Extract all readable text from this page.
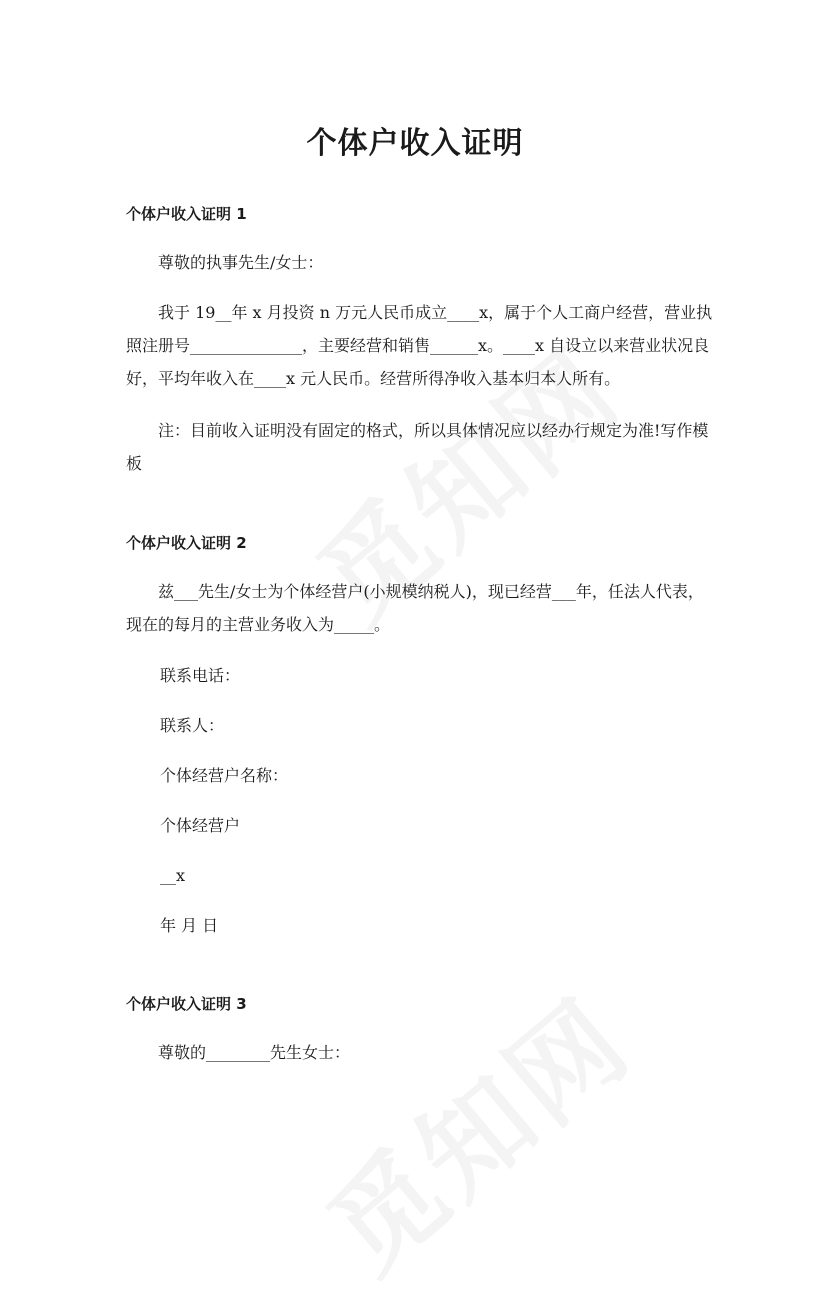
个体户收入证明
个体户收入证明 1

尊敬的执事先生/女士：

我于 19__年 x 月投资 n 万元人民币成立____x，属于个人工商户经营，营业执照注册号______________，主要经营和销售______x。____x 自设立以来营业状况良好，平均年收入在____x 元人民币。经营所得净收入基本归本人所有。

注：目前收入证明没有固定的格式，所以具体情况应以经办行规定为准!写作模板

个体户收入证明 2

兹___先生/女士为个体经营户(小规模纳税人)，现已经营___年，任法人代表，现在的每月的主营业务收入为_____。

联系电话：

联系人：

个体经营户名称：

个体经营户

__x

年 月 日

个体户收入证明 3

尊敬的________先生女士：
